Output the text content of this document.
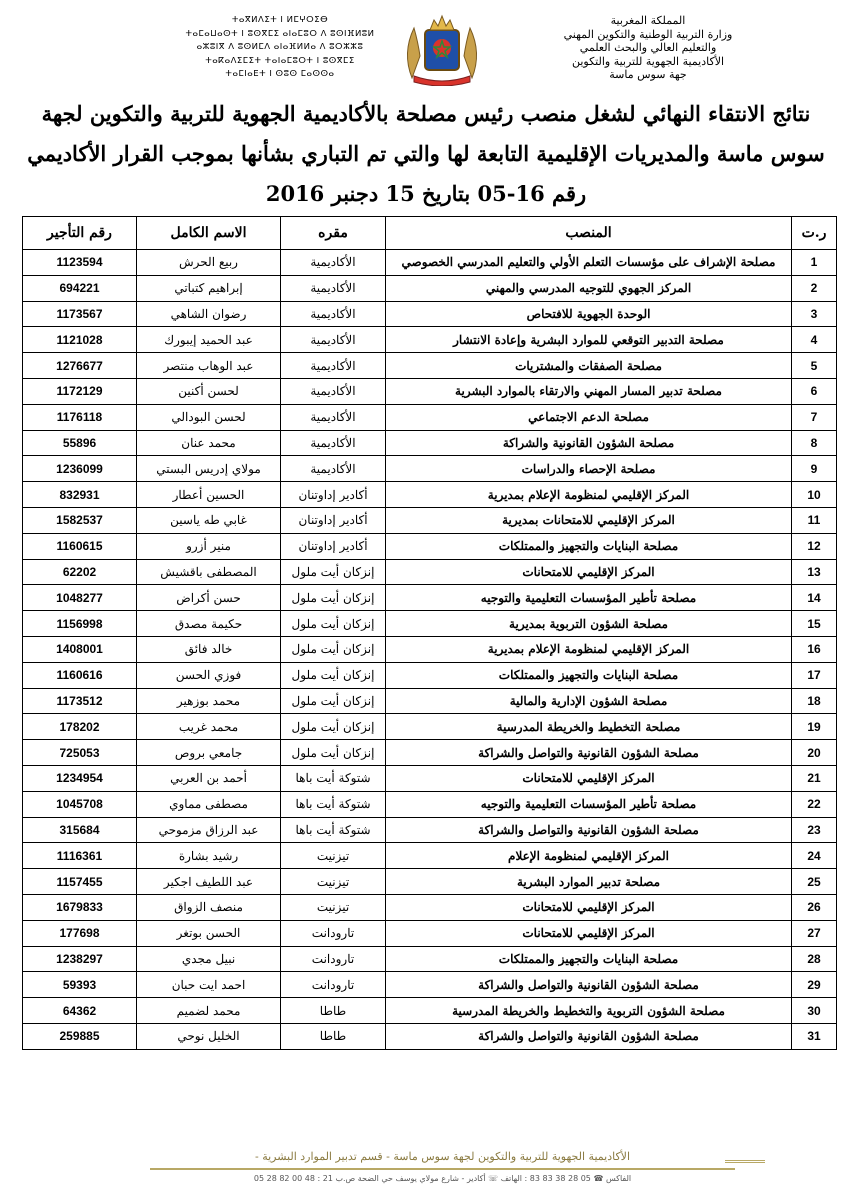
ⵜⴰⴳⵍⴷⵉⵜ ⵏ ⵍⵎⵖⵔⵉⴱ
ⵜⴰⵎⴰⵡⴰⵙⵜ ⵏ ⵓⵙⴳⵎⵉ ⴰⵏⴰⵎⵓⵔ ⴷ ⵓⵙⵏⴼⵍⵓⵍ
ⴰⵣⵓⵏⴳ ⴷ ⵓⵙⵍⵎⴷ ⴰⵏⴰⴼⵍⵍⴰ ⴷ ⵓⵔⵣⵣⵓ
ⵜⴰⴽⴰⴷⵉⵎⵉⵜ ⵜⴰⵏⴰⵎⵓⵔⵜ ⵏ ⵓⵙⴳⵎⵉ
ⵜⴰⵎⵏⴰⴹⵜ ⵏ ⵙⵓⵙ ⵎⴰⵙⵙⴰ
المملكة المغربية
وزارة التربية الوطنية والتكوين المهني
والتعليم العالي والبحث العلمي
الأكاديمية الجهوية للتربية والتكوين
جهة سوس ماسة
نتائج الانتقاء النهائي لشغل منصب رئيس مصلحة بالأكاديمية الجهوية للتربية والتكوين لجهة
سوس ماسة والمديريات الإقليمية التابعة لها والتي تم التباري بشأنها بموجب القرار الأكاديمي
رقم 16-05 بتاريخ 15 دجنبر 2016
ر.ت	المنصب	مقره	الاسم الكامل	رقم التأجير
1	مصلحة الإشراف على مؤسسات التعلم الأولي والتعليم المدرسي الخصوصي	الأكاديمية	ربيع الحرش	1123594
2	المركز الجهوي للتوجيه المدرسي والمهني	الأكاديمية	إبراهيم كتباتي	694221
3	الوحدة الجهوية للافتحاص	الأكاديمية	رضوان الشاهي	1173567
4	مصلحة التدبير التوقعي للموارد البشرية وإعادة الانتشار	الأكاديمية	عبد الحميد إيبورك	1121028
5	مصلحة الصفقات والمشتريات	الأكاديمية	عبد الوهاب منتصر	1276677
6	مصلحة تدبير المسار المهني والارتقاء بالموارد البشرية	الأكاديمية	لحسن أكنين	1172129
7	مصلحة الدعم الاجتماعي	الأكاديمية	لحسن البودالي	1176118
8	مصلحة الشؤون القانونية والشراكة	الأكاديمية	محمد عنان	55896
9	مصلحة الإحصاء والدراسات	الأكاديمية	مولاي إدريس البستي	1236099
10	المركز الإقليمي لمنظومة الإعلام بمديرية	أكادير إداوتنان	الحسين أعطار	832931
11	المركز الإقليمي للامتحانات بمديرية	أكادير إداوتنان	غابي طه ياسين	1582537
12	مصلحة البنايات والتجهيز والممتلكات	أكادير إداوتنان	منير أزرو	1160615
13	المركز الإقليمي للامتحانات	إنزكان أيت ملول	المصطفى باقشيش	62202
14	مصلحة تأطير المؤسسات التعليمية والتوجيه	إنزكان أيت ملول	حسن أكراض	1048277
15	مصلحة الشؤون التربوية بمديرية	إنزكان أيت ملول	حكيمة مصدق	1156998
16	المركز الإقليمي لمنظومة الإعلام بمديرية	إنزكان أيت ملول	خالد فائق	1408001
17	مصلحة البنايات والتجهيز والممتلكات	إنزكان أيت ملول	فوزي الحسن	1160616
18	مصلحة الشؤون الإدارية والمالية	إنزكان أيت ملول	محمد بوزهير	1173512
19	مصلحة التخطيط والخريطة المدرسية	إنزكان أيت ملول	محمد غريب	178202
20	مصلحة الشؤون القانونية والتواصل والشراكة	إنزكان أيت ملول	جامعي بروص	725053
21	المركز الإقليمي للامتحانات	شتوكة أيت باها	أحمد بن العربي	1234954
22	مصلحة تأطير المؤسسات التعليمية والتوجيه	شتوكة أيت باها	مصطفى مماوي	1045708
23	مصلحة الشؤون القانونية والتواصل والشراكة	شتوكة أيت باها	عبد الرزاق مزموحي	315684
24	المركز الإقليمي لمنظومة الإعلام	تيزنيت	رشيد بشارة	1116361
25	مصلحة تدبير الموارد البشرية	تيزنيت	عبد اللطيف اجكير	1157455
26	المركز الإقليمي للامتحانات	تيزنيت	منصف الزواق	1679833
27	المركز الإقليمي للامتحانات	تارودانت	الحسن بوتغر	177698
28	مصلحة البنايات والتجهيز والممتلكات	تارودانت	نبيل مجدي	1238297
29	مصلحة الشؤون القانونية والتواصل والشراكة	تارودانت	احمد ايت حبان	59393
30	مصلحة الشؤون التربوية والتخطيط والخريطة المدرسية	طاطا	محمد لضميم	64362
31	مصلحة الشؤون القانونية والتواصل والشراكة	طاطا	الخليل نوحي	259885
الأكاديمية الجهوية للتربية والتكوين لجهة سوس ماسة - قسم تدبير الموارد البشرية -
05 28 82 00 48 : الفاكس ☎ 05 28 38 83 83 : الهاتف ☏ أكادير - شارع مولاي يوسف حي الضحة ص.ب 21
